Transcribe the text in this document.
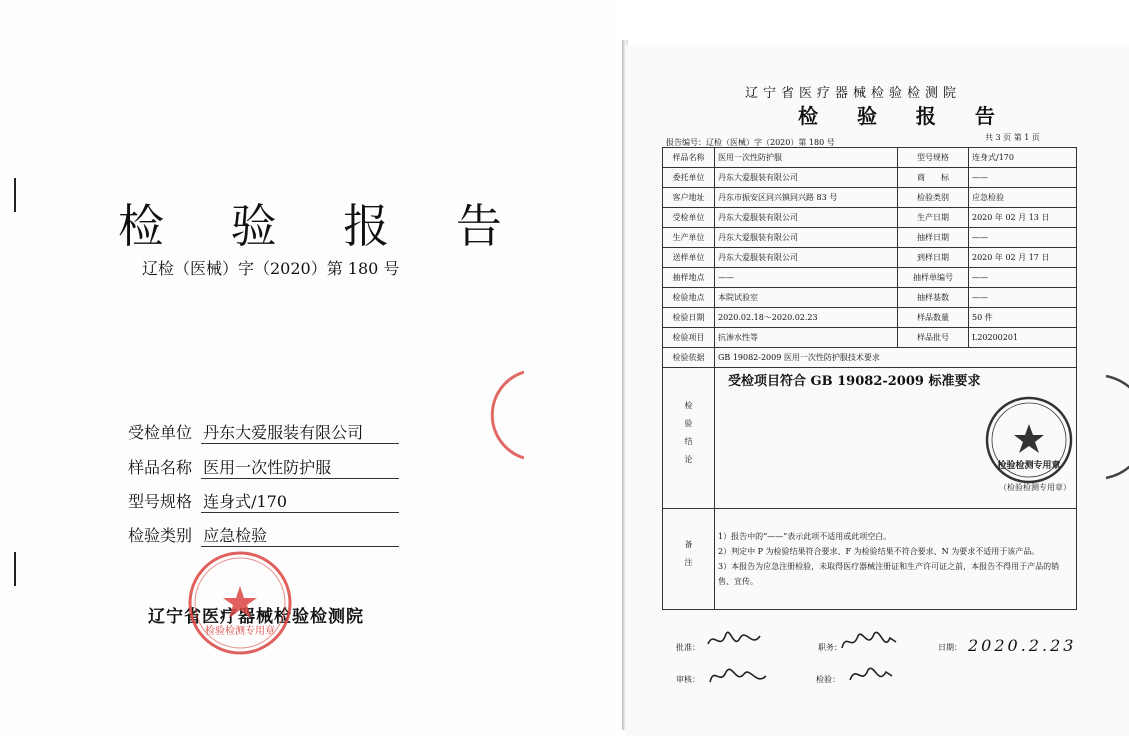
检 验 报 告
辽检（医械）字（2020）第 180 号
受检单位 丹东大爱服装有限公司
样品名称 医用一次性防护服
型号规格 连身式/170
检验类别 应急检验
辽宁省医疗器械检验检测院
检验检测专用章
辽宁省医疗器械检验检测院
检 验 报 告
报告编号：辽检（医械）字（2020）第 180 号
共 3 页 第 1 页
样品名称	医用一次性防护服	型号规格	连身式/170
委托单位	丹东大爱服装有限公司	商　　标	——
客户地址	丹东市振安区同兴镇同兴路 83 号	检验类别	应急检验
受检单位	丹东大爱服装有限公司	生产日期	2020 年 02 月 13 日
生产单位	丹东大爱服装有限公司	抽样日期	——
送样单位	丹东大爱服装有限公司	到样日期	2020 年 02 月 17 日
抽样地点	——	抽样单编号	——
检验地点	本院试验室	抽样基数	——
检验日期	2020.02.18～2020.02.23	样品数量	50 件
检验项目	抗渗水性等	样品批号	L20200201
检验依据	GB 19082-2009 医用一次性防护服技术要求		
检验结论	受检项目符合 GB 19082-2009 标准要求
检验检测专用章
（检验检测专用章）		

备注	1）报告中的“——”表示此项不适用或此项空白。
2）判定中 P 为检验结果符合要求、F 为检验结果不符合要求、N 为要求不适用于该产品。
3）本报告为应急注册检验，未取得医疗器械注册证和生产许可证之前，本报告不得用于产品的销售、宣传。		
批准：	职务：	日期： 2020.2.23
审核：	检验：
